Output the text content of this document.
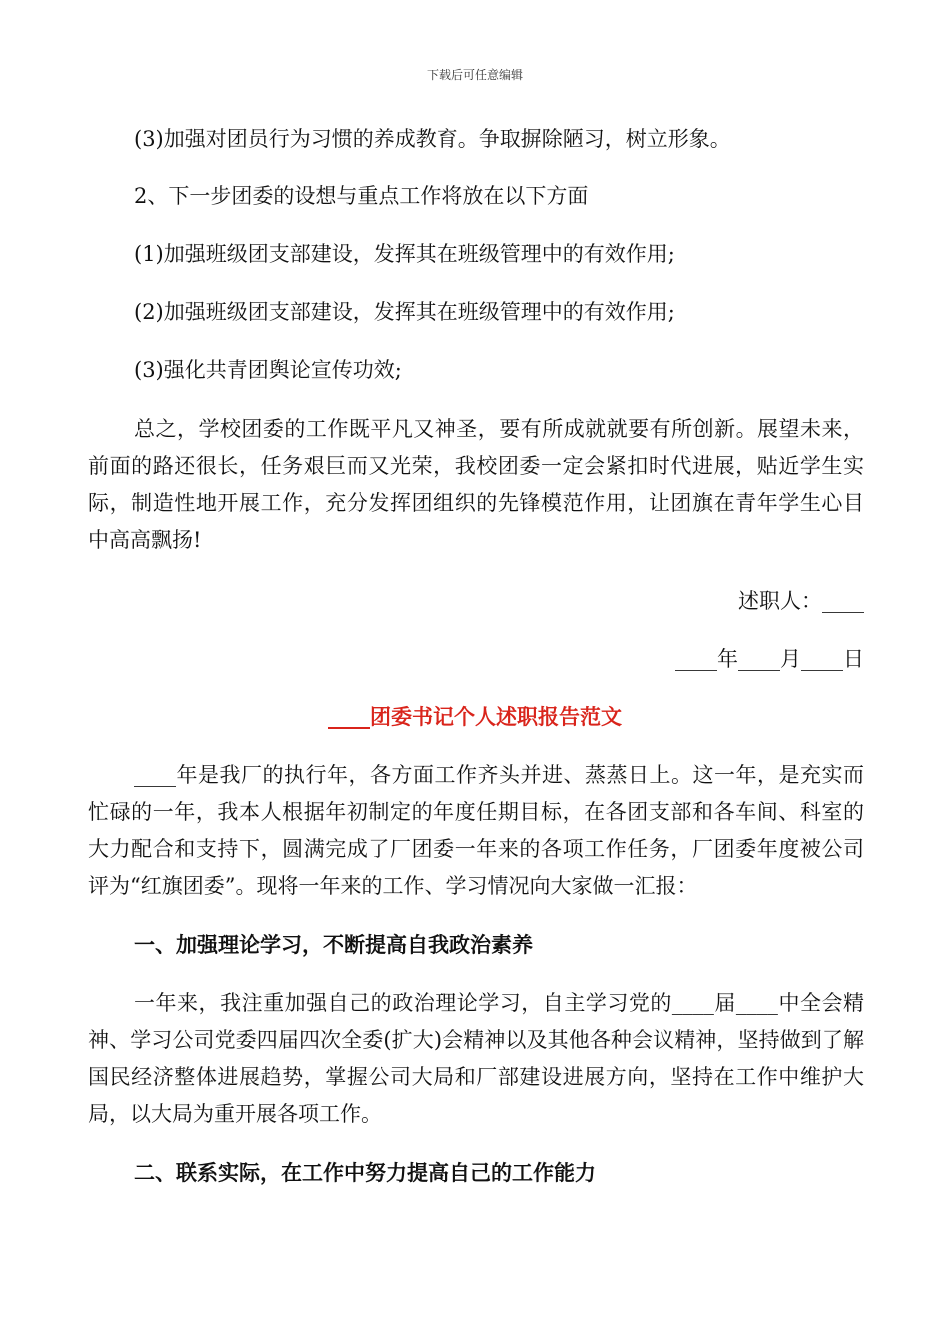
下载后可任意编辑
(3)加强对团员行为习惯的养成教育。争取摒除陋习，树立形象。
2、下一步团委的设想与重点工作将放在以下方面
(1)加强班级团支部建设，发挥其在班级管理中的有效作用;
(2)加强班级团支部建设，发挥其在班级管理中的有效作用;
(3)强化共青团舆论宣传功效;
总之，学校团委的工作既平凡又神圣，要有所成就就要有所创新。展望未来，前面的路还很长，任务艰巨而又光荣，我校团委一定会紧扣时代进展，贴近学生实际，制造性地开展工作，充分发挥团组织的先锋模范作用，让团旗在青年学生心目中高高飘扬!
述职人：____
____年____月____日
____团委书记个人述职报告范文
____年是我厂的执行年，各方面工作齐头并进、蒸蒸日上。这一年，是充实而忙碌的一年，我本人根据年初制定的年度任期目标，在各团支部和各车间、科室的大力配合和支持下，圆满完成了厂团委一年来的各项工作任务，厂团委年度被公司评为“红旗团委”。现将一年来的工作、学习情况向大家做一汇报：
一、加强理论学习，不断提高自我政治素养
一年来，我注重加强自己的政治理论学习，自主学习党的____届____中全会精神、学习公司党委四届四次全委(扩大)会精神以及其他各种会议精神，坚持做到了解国民经济整体进展趋势，掌握公司大局和厂部建设进展方向，坚持在工作中维护大局，以大局为重开展各项工作。
二、联系实际，在工作中努力提高自己的工作能力
